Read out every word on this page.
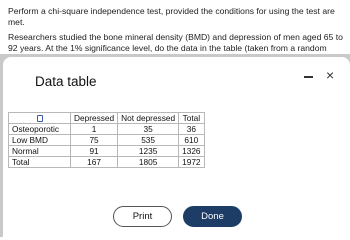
Perform a chi-square independence test, provided the conditions for using the test are met.

Researchers studied the bone mineral density (BMD) and depression of men aged 65 to 92 years. At the 1% significance level, do the data in the table (taken from a random

Data table	×
	Depressed	Not depressed	Total
Osteoporotic	1	35	36
Low BMD	75	535	610
Normal	91	1235	1326
Total	167	1805	1972
Print	Done
